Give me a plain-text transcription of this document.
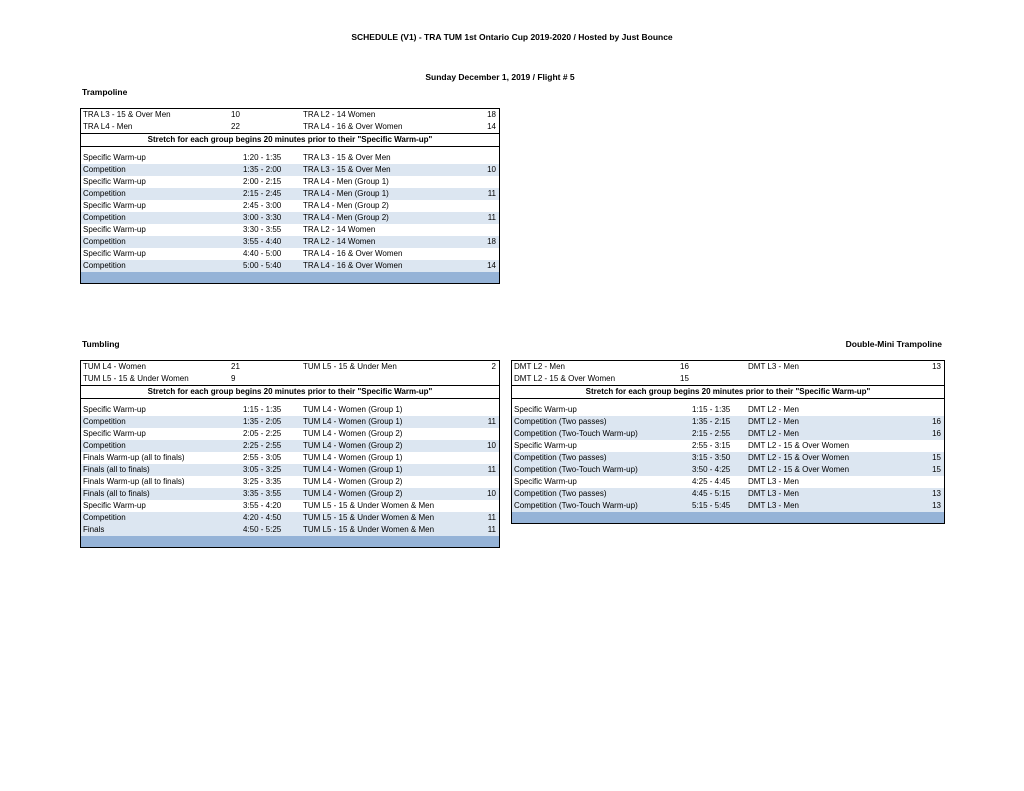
SCHEDULE (V1) - TRA TUM 1st Ontario Cup 2019-2020 / Hosted by Just Bounce
Sunday December 1, 2019 / Flight # 5
Trampoline
Tumbling	Double-Mini Trampoline
TRA L3 - 15 & Over Men	10	TRA L2 - 14 Women	18
TRA L4 - Men	22	TRA L4 - 16 & Over Women	14
Stretch for each group begins 20 minutes prior to their "Specific Warm-up"
Specific Warm-up	1:20 - 1:35	TRA L3 - 15 & Over Men
Competition	1:35 - 2:00	TRA L3 - 15 & Over Men	10
Specific Warm-up	2:00 - 2:15	TRA L4 - Men (Group 1)
Competition	2:15 - 2:45	TRA L4 - Men (Group 1)	11
Specific Warm-up	2:45 - 3:00	TRA L4 - Men (Group 2)
Competition	3:00 - 3:30	TRA L4 - Men (Group 2)	11
Specific Warm-up	3:30 - 3:55	TRA L2 - 14 Women
Competition	3:55 - 4:40	TRA L2 - 14 Women	18
Specific Warm-up	4:40 - 5:00	TRA L4 - 16 & Over Women
Competition	5:00 - 5:40	TRA L4 - 16 & Over Women	14
TUM L4 - Women	21	TUM L5 - 15 & Under Men	2
TUM L5 - 15 & Under Women	9
Stretch for each group begins 20 minutes prior to their "Specific Warm-up"
Specific Warm-up	1:15 - 1:35	TUM L4 - Women (Group 1)
Competition	1:35 - 2:05	TUM L4 - Women (Group 1)	11
Specific Warm-up	2:05 - 2:25	TUM L4 - Women (Group 2)
Competition	2:25 - 2:55	TUM L4 - Women (Group 2)	10
Finals Warm-up (all to finals)	2:55 - 3:05	TUM L4 - Women (Group 1)
Finals (all to finals)	3:05 - 3:25	TUM L4 - Women (Group 1)	11
Finals Warm-up (all to finals)	3:25 - 3:35	TUM L4 - Women (Group 2)
Finals (all to finals)	3:35 - 3:55	TUM L4 - Women (Group 2)	10
Specific Warm-up	3:55 - 4:20	TUM L5 - 15 & Under Women & Men
Competition	4:20 - 4:50	TUM L5 - 15 & Under Women & Men	11
Finals	4:50 - 5:25	TUM L5 - 15 & Under Women & Men	11
DMT L2 - Men	16	DMT L3 - Men	13
DMT L2 - 15 & Over Women	15
Stretch for each group begins 20 minutes prior to their "Specific Warm-up"
Specific Warm-up	1:15 - 1:35 DMT L2 - Men
Competition (Two passes)	1:35 - 2:15 DMT L2 - Men	16
Competition (Two-Touch Warm-up)	2:15 - 2:55 DMT L2 - Men	16
Specific Warm-up	2:55 - 3:15 DMT L2 - 15 & Over Women
Competition (Two passes)	3:15 - 3:50 DMT L2 - 15 & Over Women	15
Competition (Two-Touch Warm-up)	3:50 - 4:25 DMT L2 - 15 & Over Women	15
Specific Warm-up	4:25 - 4:45 DMT L3 - Men
Competition (Two passes)	4:45 - 5:15 DMT L3 - Men	13
Competition (Two-Touch Warm-up)	5:15 - 5:45 DMT L3 - Men	13
